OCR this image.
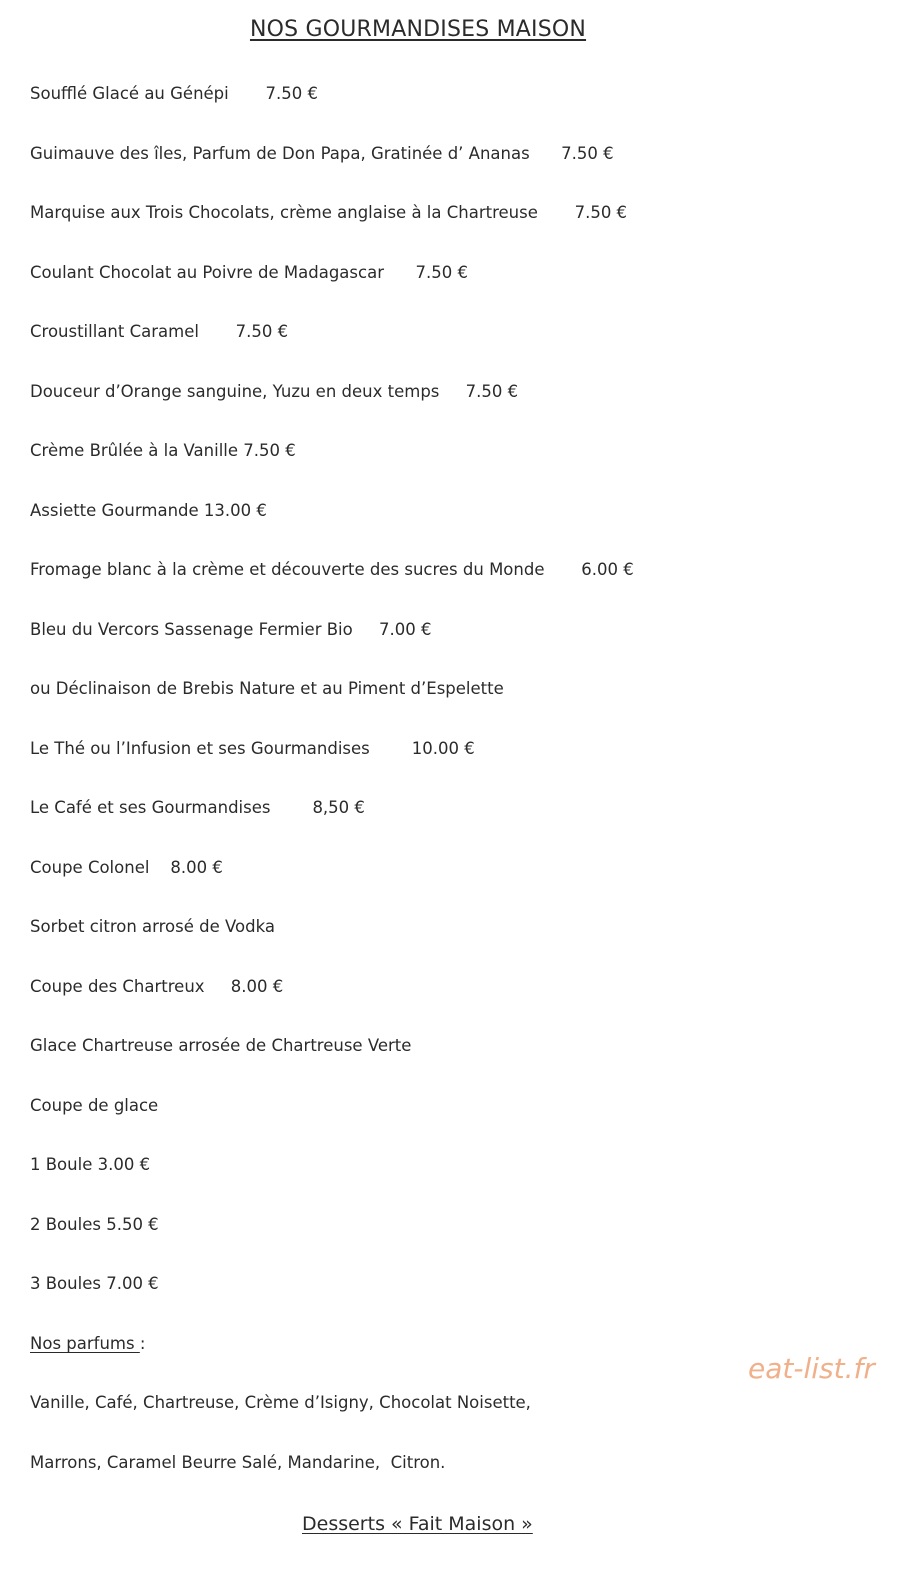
NOS GOURMANDISES MAISON
Soufflé Glacé au Génépi 7.50 €
Guimauve des îles, Parfum de Don Papa, Gratinée d’ Ananas 7.50 €
Marquise aux Trois Chocolats, crème anglaise à la Chartreuse 7.50 €
Coulant Chocolat au Poivre de Madagascar 7.50 €
Croustillant Caramel 7.50 €
Douceur d’Orange sanguine, Yuzu en deux temps 7.50 €
Crème Brûlée à la Vanille 7.50 €
Assiette Gourmande 13.00 €
Fromage blanc à la crème et découverte des sucres du Monde 6.00 €
Bleu du Vercors Sassenage Fermier Bio 7.00 €
ou Déclinaison de Brebis Nature et au Piment d’Espelette
Le Thé ou l’Infusion et ses Gourmandises	10.00 €
Le Café et ses Gourmandises	8,50 €
Coupe Colonel 8.00 €
Sorbet citron arrosé de Vodka
Coupe des Chartreux 8.00 €
Glace Chartreuse arrosée de Chartreuse Verte
Coupe de glace
1 Boule 3.00 €
2 Boules 5.50 €
3 Boules 7.00 €
Nos parfums :
Vanille, Café, Chartreuse, Crème d’Isigny, Chocolat Noisette,
Marrons, Caramel Beurre Salé, Mandarine,  Citron.
eat-list.fr
Desserts « Fait Maison »
